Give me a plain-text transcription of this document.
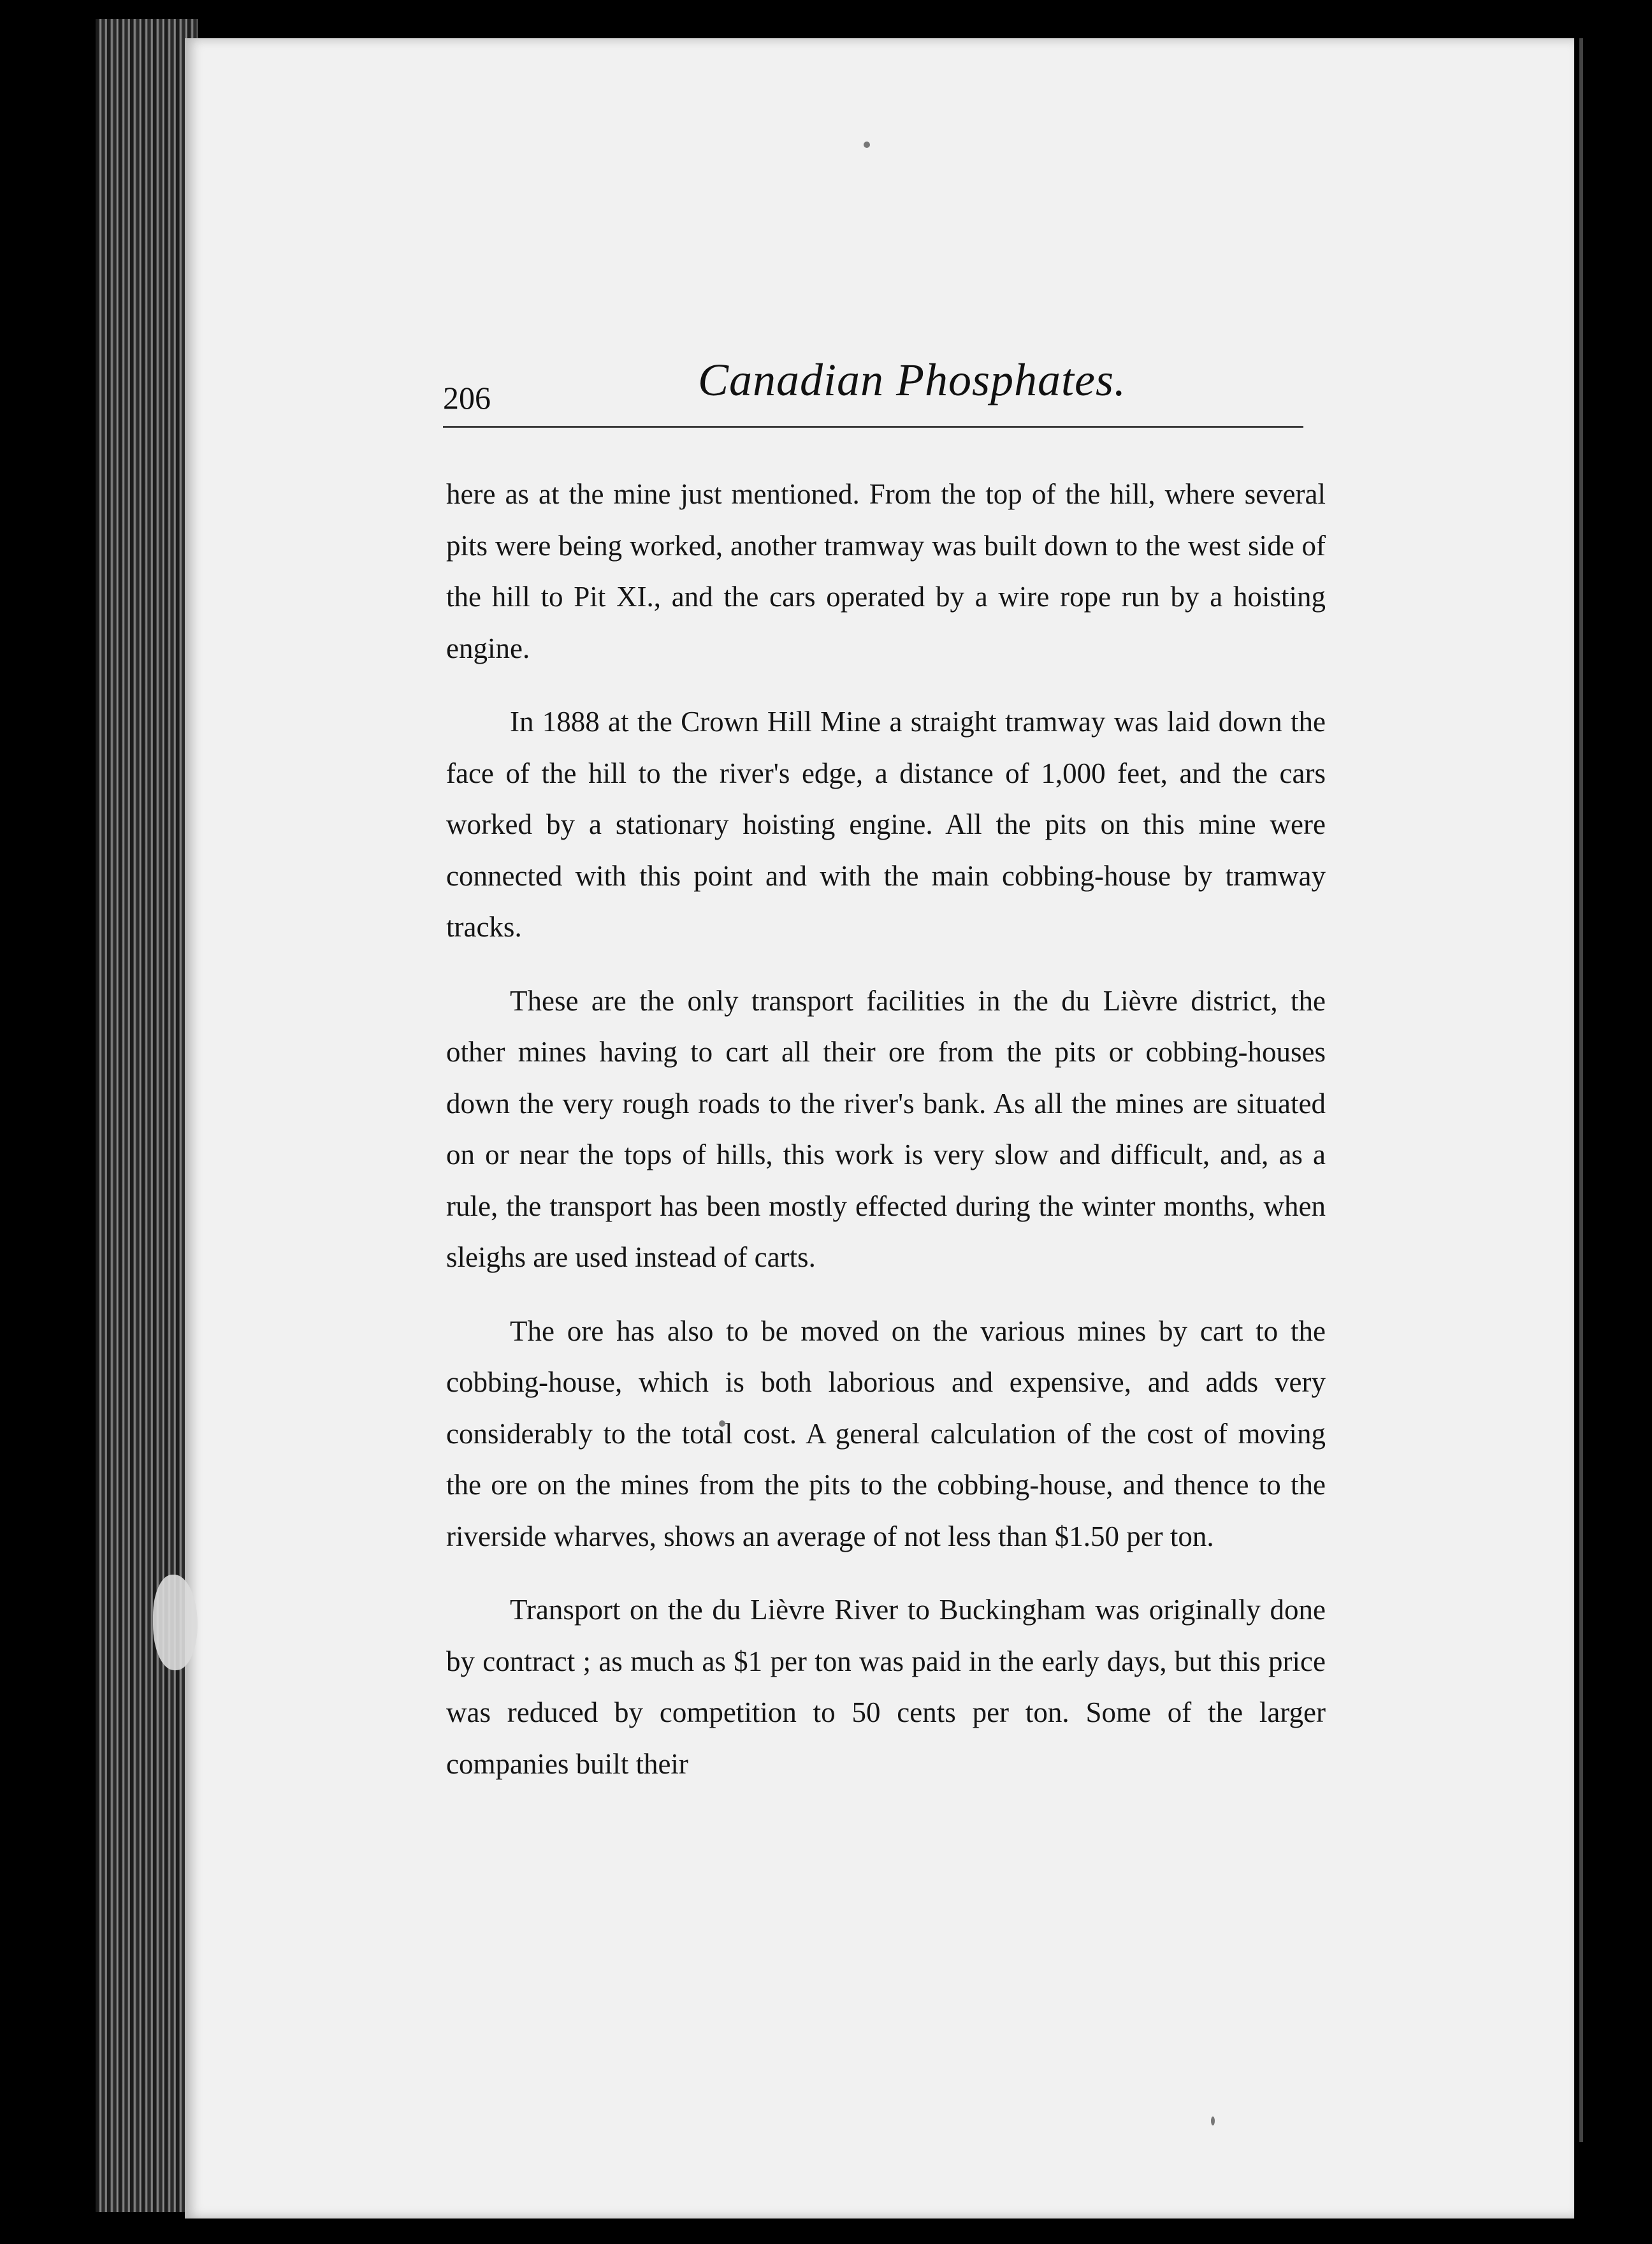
206	Canadian Phosphates.

here as at the mine just mentioned. From the top of the hill, where several pits were being worked, another tramway was built down to the west side of the hill to Pit XI., and the cars operated by a wire rope run by a hoisting engine.

In 1888 at the Crown Hill Mine a straight tramway was laid down the face of the hill to the river's edge, a distance of 1,000 feet, and the cars worked by a stationary hoisting engine. All the pits on this mine were connected with this point and with the main cobbing-house by tramway tracks.

These are the only transport facilities in the du Lièvre district, the other mines having to cart all their ore from the pits or cobbing-houses down the very rough roads to the river's bank. As all the mines are situated on or near the tops of hills, this work is very slow and difficult, and, as a rule, the transport has been mostly effected during the winter months, when sleighs are used instead of carts.

The ore has also to be moved on the various mines by cart to the cobbing-house, which is both laborious and expensive, and adds very considerably to the total cost. A general calculation of the cost of moving the ore on the mines from the pits to the cobbing-house, and thence to the riverside wharves, shows an average of not less than $1.50 per ton.

Transport on the du Lièvre River to Buckingham was originally done by contract ; as much as $1 per ton was paid in the early days, but this price was reduced by competition to 50 cents per ton. Some of the larger companies built their
